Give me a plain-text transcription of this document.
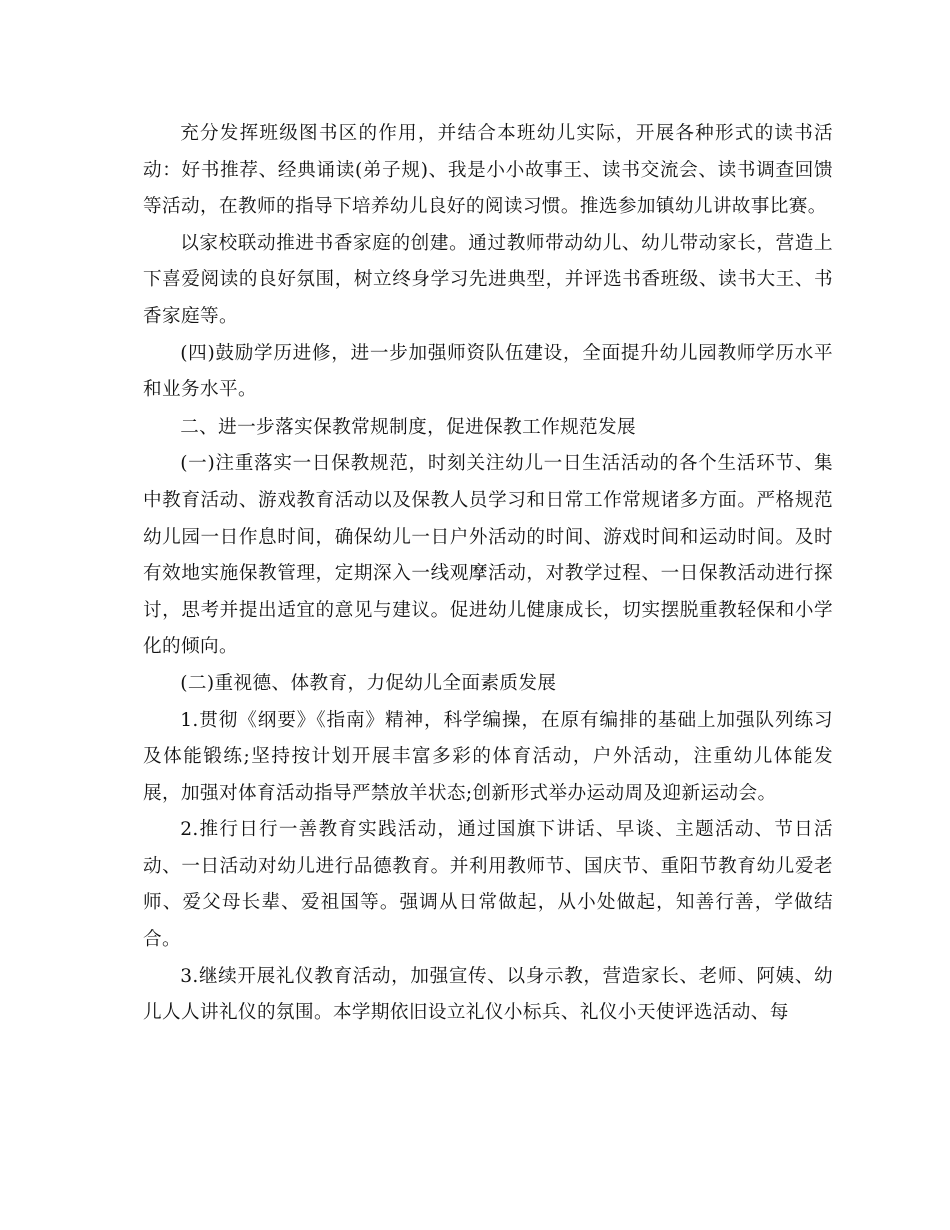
充分发挥班级图书区的作用，并结合本班幼儿实际，开展各种形式的读书活动：好书推荐、经典诵读(弟子规)、我是小小故事王、读书交流会、读书调查回馈等活动，在教师的指导下培养幼儿良好的阅读习惯。推选参加镇幼儿讲故事比赛。

以家校联动推进书香家庭的创建。通过教师带动幼儿、幼儿带动家长，营造上下喜爱阅读的良好氛围，树立终身学习先进典型，并评选书香班级、读书大王、书香家庭等。

(四)鼓励学历进修，进一步加强师资队伍建设，全面提升幼儿园教师学历水平和业务水平。

二、进一步落实保教常规制度，促进保教工作规范发展

(一)注重落实一日保教规范，时刻关注幼儿一日生活活动的各个生活环节、集中教育活动、游戏教育活动以及保教人员学习和日常工作常规诸多方面。严格规范幼儿园一日作息时间，确保幼儿一日户外活动的时间、游戏时间和运动时间。及时有效地实施保教管理，定期深入一线观摩活动，对教学过程、一日保教活动进行探讨，思考并提出适宜的意见与建议。促进幼儿健康成长，切实摆脱重教轻保和小学化的倾向。

(二)重视德、体教育，力促幼儿全面素质发展

1.贯彻《纲要》《指南》精神，科学编操，在原有编排的基础上加强队列练习及体能锻练;坚持按计划开展丰富多彩的体育活动，户外活动，注重幼儿体能发展，加强对体育活动指导严禁放羊状态;创新形式举办运动周及迎新运动会。

2.推行日行一善教育实践活动，通过国旗下讲话、早谈、主题活动、节日活动、一日活动对幼儿进行品德教育。并利用教师节、国庆节、重阳节教育幼儿爱老师、爱父母长辈、爱祖国等。强调从日常做起，从小处做起，知善行善，学做结合。

3.继续开展礼仪教育活动，加强宣传、以身示教，营造家长、老师、阿姨、幼儿人人讲礼仪的氛围。本学期依旧设立礼仪小标兵、礼仪小天使评选活动、每
